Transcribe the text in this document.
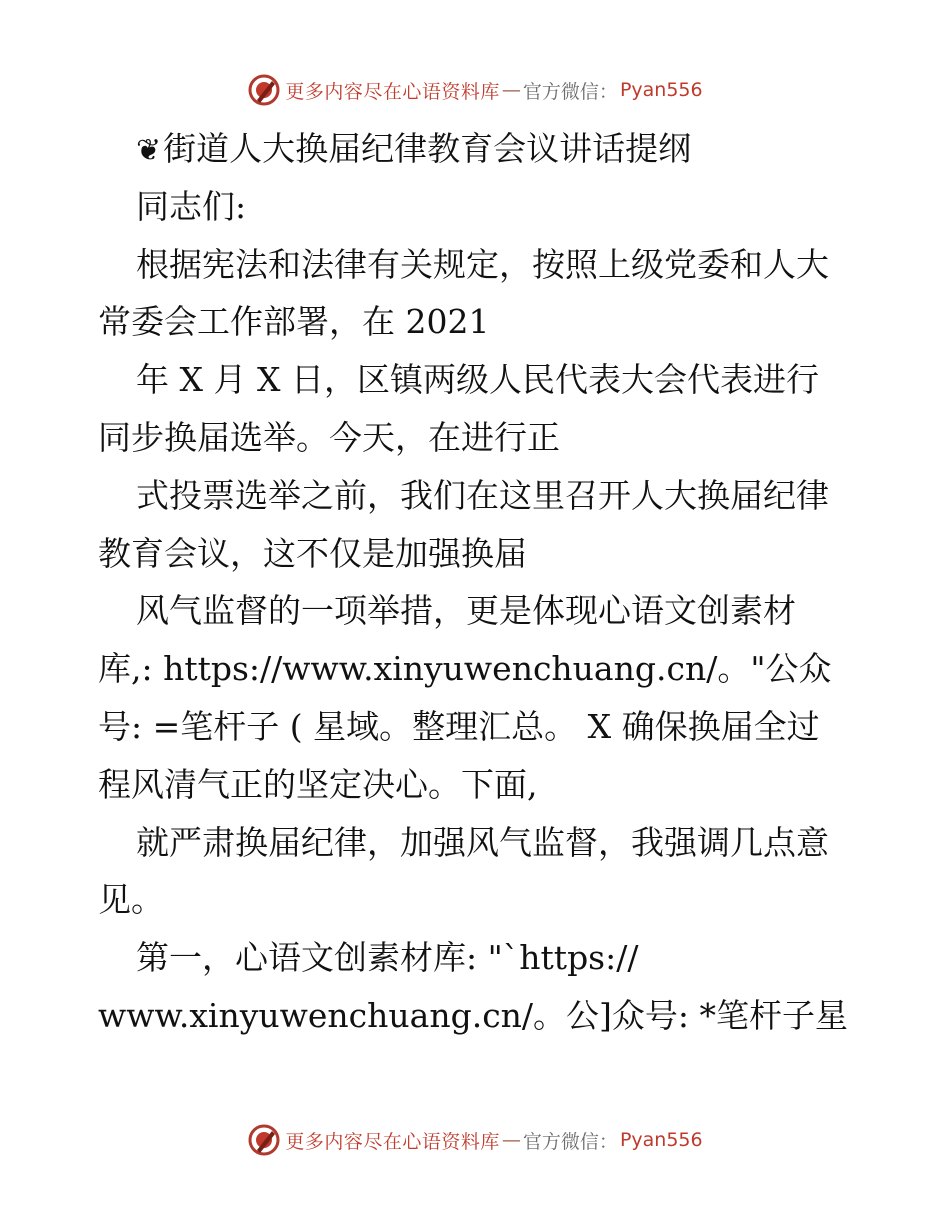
更多内容尽在心语资料库 — 官方微信： Pyan556
❦街道人大换届纪律教育会议讲话提纲
同志们:
根据宪法和法律有关规定，按照上级党委和人大
常委会工作部署，在 2021
年 X 月 X 日，区镇两级人民代表大会代表进行
同步换届选举。今天，在进行正
式投票选举之前，我们在这里召开人大换届纪律
教育会议，这不仅是加强换届
风气监督的一项举措，更是体现心语文创素材
库,: https://www.xinyuwenchuang.cn/。"公众
号: =笔杆子 ( 星域。整理汇总。 X 确保换届全过
程风清气正的坚定决心。下面,
就严肃换届纪律，加强风气监督，我强调几点意
见。
第一，心语文创素材库: "`https://
www.xinyuwenchuang.cn/。公]众号: *笔杆子星
更多内容尽在心语资料库 — 官方微信： Pyan556
